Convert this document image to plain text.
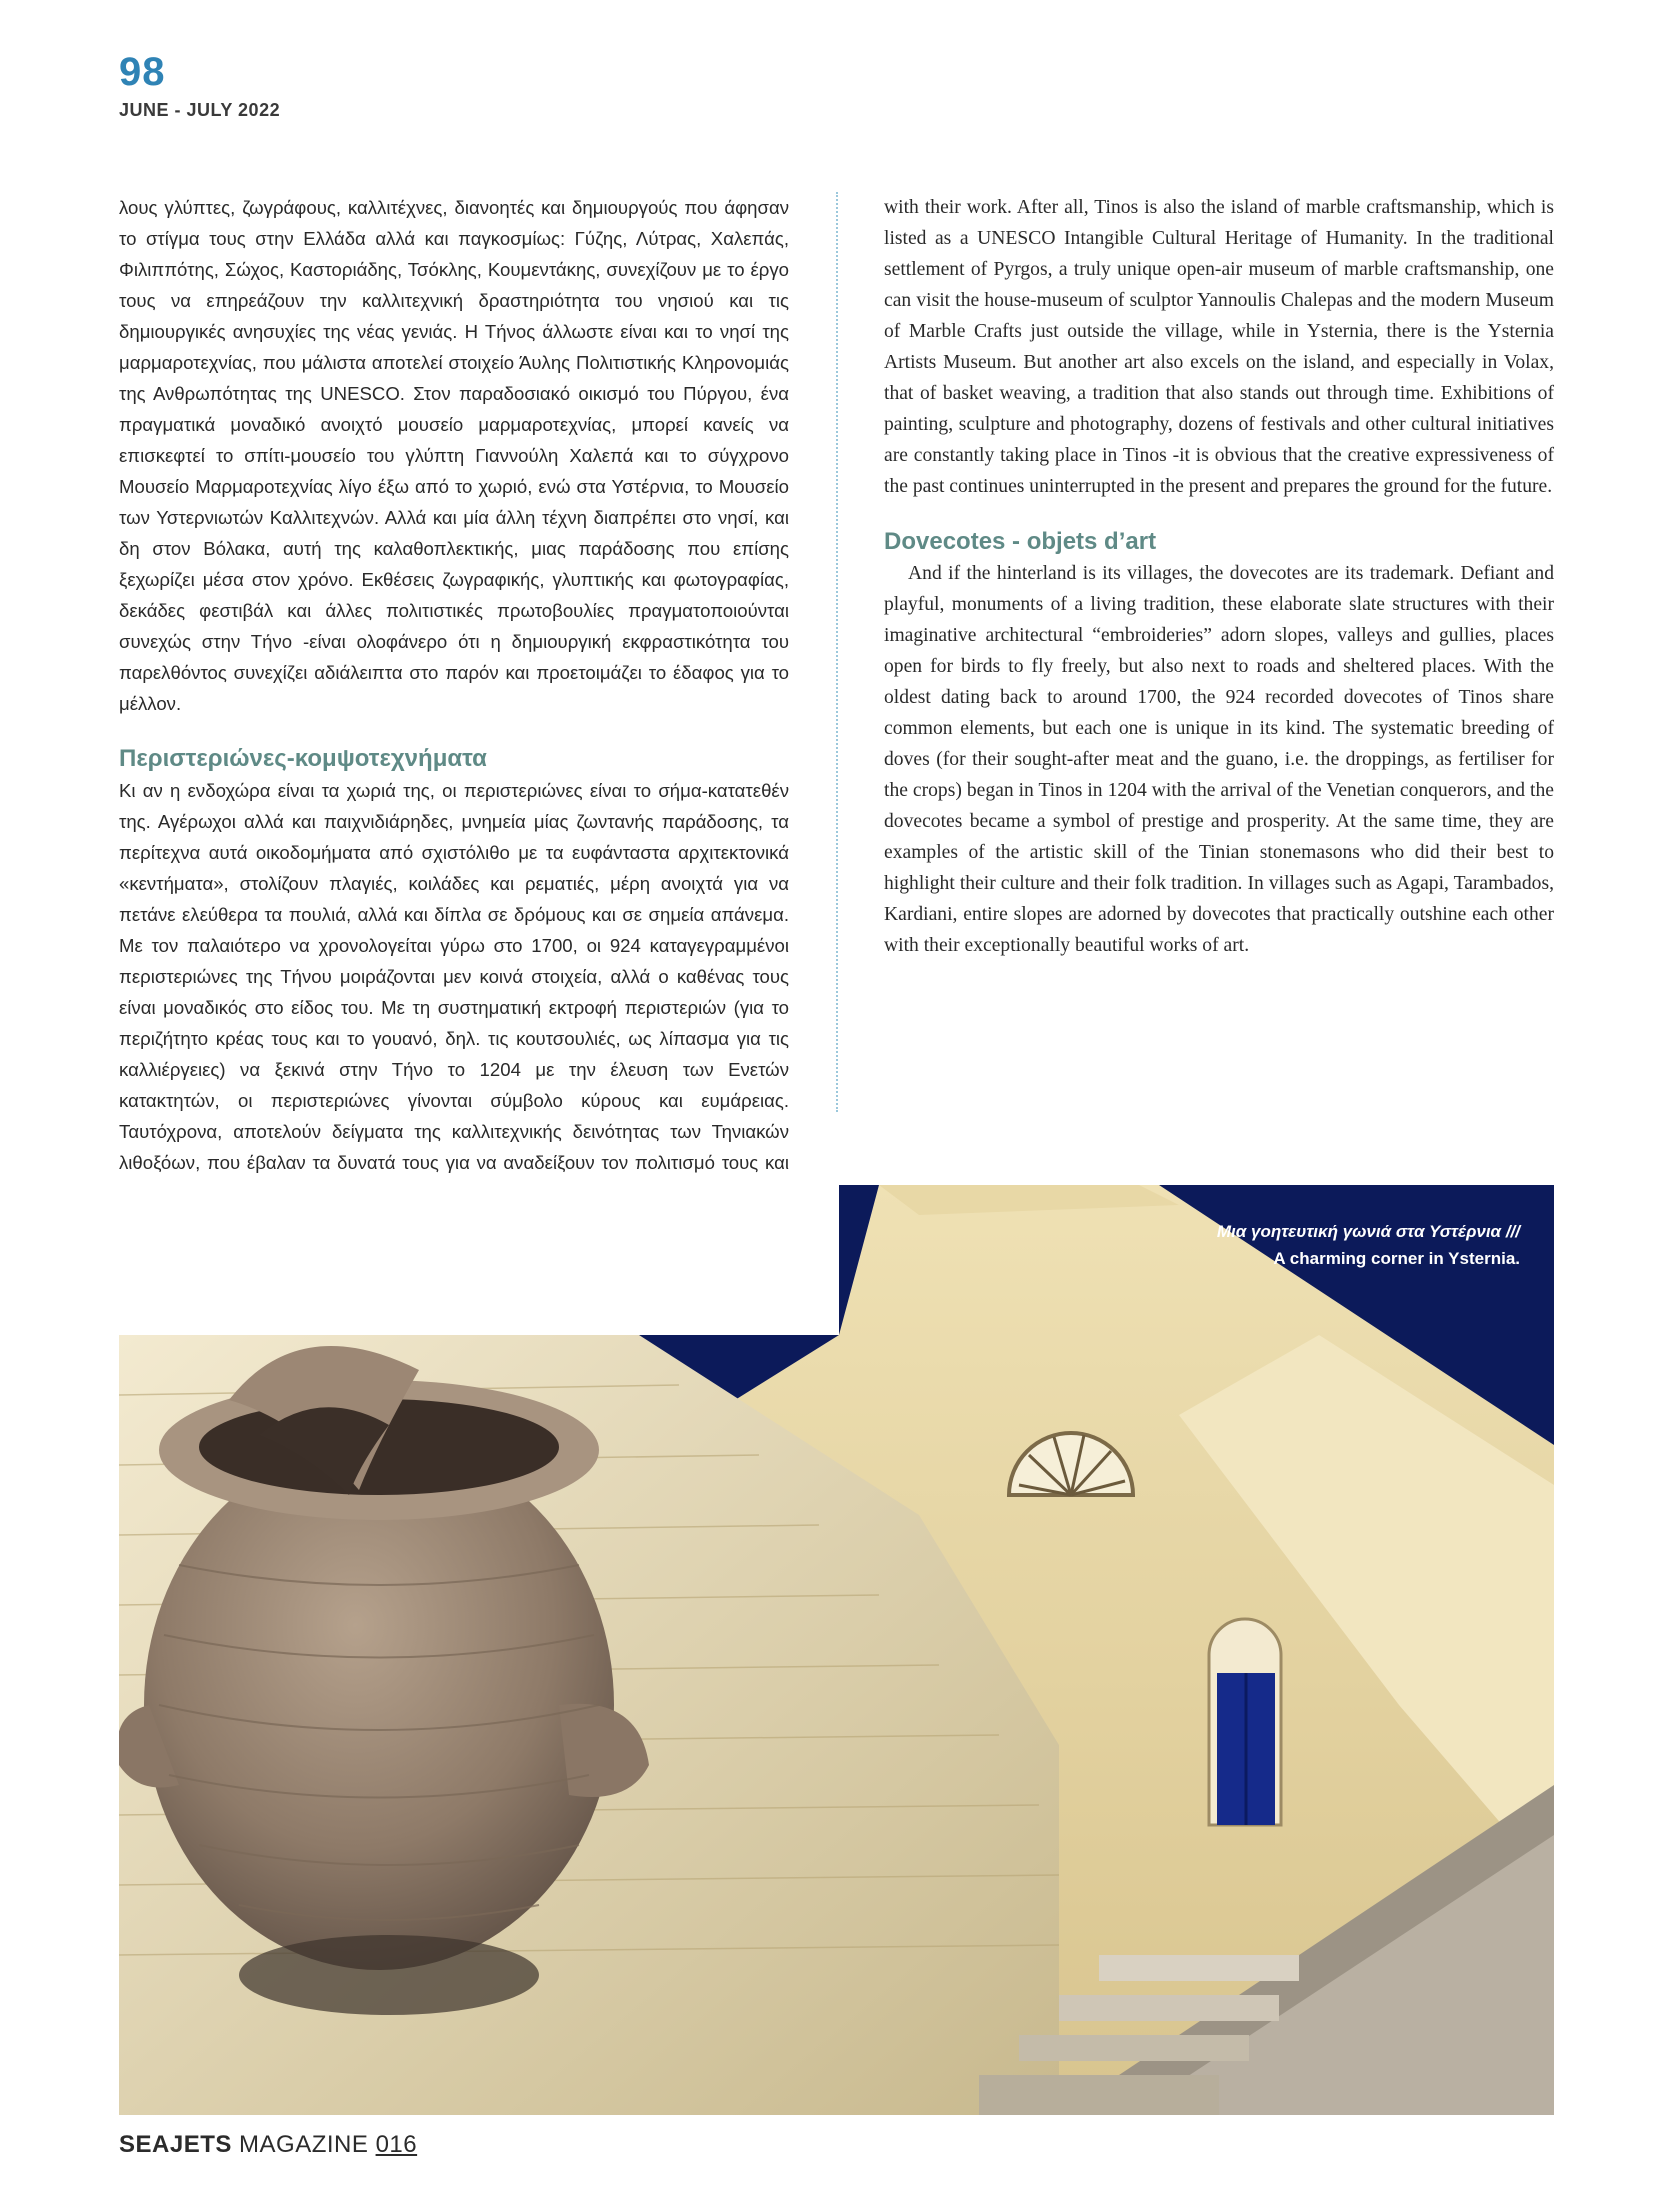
98
JUNE - JULY 2022

λους γλύπτες, ζωγράφους, καλλιτέχνες, διανοητές και δημιουργούς που άφησαν το στίγμα τους στην Ελλάδα αλλά και παγκοσμίως: Γύζης, Λύτρας, Χαλεπάς, Φιλιππότης, Σώχος, Καστοριάδης, Τσόκλης, Κουμεντάκης, συνεχίζουν με το έργο τους να επηρεάζουν την καλλιτεχνική δραστηριότητα του νησιού και τις δημιουργικές ανησυχίες της νέας γενιάς. Η Τήνος άλλωστε είναι και το νησί της μαρμαροτεχνίας, που μάλιστα αποτελεί στοιχείο Άυλης Πολιτιστικής Κληρονομιάς της Ανθρωπότητας της UNESCO. Στον παραδοσιακό οικισμό του Πύργου, ένα πραγματικά μοναδικό ανοιχτό μουσείο μαρμαροτεχνίας, μπορεί κανείς να επισκεφτεί το σπίτι-μουσείο του γλύπτη Γιαννούλη Χαλεπά και το σύγχρονο Μουσείο Μαρμαροτεχνίας λίγο έξω από το χωριό, ενώ στα Υστέρνια, το Μουσείο των Υστερνιωτών Καλλιτεχνών. Αλλά και μία άλλη τέχνη διαπρέπει στο νησί, και δη στον Βόλακα, αυτή της καλαθοπλεκτικής, μιας παράδοσης που επίσης ξεχωρίζει μέσα στον χρόνο. Εκθέσεις ζωγραφικής, γλυπτικής και φωτογραφίας, δεκάδες φεστιβάλ και άλλες πολιτιστικές πρωτοβουλίες πραγματοποιούνται συνεχώς στην Τήνο -είναι ολοφάνερο ότι η δημιουργική εκφραστικότητα του παρελθόντος συνεχίζει αδιάλειπτα στο παρόν και προετοιμάζει το έδαφος για το μέλλον.

Περιστεριώνες-κομψοτεχνήματα

Κι αν η ενδοχώρα είναι τα χωριά της, οι περιστεριώνες είναι το σήμα-κατατεθέν της. Αγέρωχοι αλλά και παιχνιδιάρηδες, μνημεία μίας ζωντανής παράδοσης, τα περίτεχνα αυτά οικοδομήματα από σχιστόλιθο με τα ευφάνταστα αρχιτεκτονικά «κεντήματα», στολίζουν πλαγιές, κοιλάδες και ρεματιές, μέρη ανοιχτά για να πετάνε ελεύθερα τα πουλιά, αλλά και δίπλα σε δρόμους και σε σημεία απάνεμα. Με τον παλαιότερο να χρονολογείται γύρω στο 1700, οι 924 καταγεγραμμένοι περιστεριώνες της Τήνου μοιράζονται μεν κοινά στοιχεία, αλλά ο καθένας τους είναι μοναδικός στο είδος του. Με τη συστηματική εκτροφή περιστεριών (για το περιζήτητο κρέας τους και το γουανό, δηλ. τις κουτσουλιές, ως λίπασμα για τις καλλιέργειες) να ξεκινά στην Τήνο το 1204 με την έλευση των Ενετών κατακτητών, οι περιστεριώνες γίνονται σύμβολο κύρους και ευμάρειας. Ταυτόχρονα, αποτελούν δείγματα της καλλιτεχνικής δεινότητας των Τηνιακών λιθοξόων, που έβαλαν τα δυνατά τους για να αναδείξουν τον πολιτισμό τους και

with their work. After all, Tinos is also the island of marble craftsmanship, which is listed as a UNESCO Intangible Cultural Heritage of Humanity. In the traditional settlement of Pyrgos, a truly unique open-air museum of marble craftsmanship, one can visit the house-museum of sculptor Yannoulis Chalepas and the modern Museum of Marble Crafts just outside the village, while in Ysternia, there is the Ysternia Artists Museum. But another art also excels on the island, and especially in Volax, that of basket weaving, a tradition that also stands out through time. Exhibitions of painting, sculpture and photography, dozens of festivals and other cultural initiatives are constantly taking place in Tinos -it is obvious that the creative expressiveness of the past continues uninterrupted in the present and prepares the ground for the future.

Dovecotes - objets d’art

And if the hinterland is its villages, the dovecotes are its trademark. Defiant and playful, monuments of a living tradition, these elaborate slate structures with their imaginative architectural “embroideries” adorn slopes, valleys and gullies, places open for birds to fly freely, but also next to roads and sheltered places. With the oldest dating back to around 1700, the 924 recorded dovecotes of Tinos share common elements, but each one is unique in its kind. The systematic breeding of doves (for their sought-after meat and the guano, i.e. the droppings, as fertiliser for the crops) began in Tinos in 1204 with the arrival of the Venetian conquerors, and the dovecotes became a symbol of prestige and prosperity. At the same time, they are examples of the artistic skill of the Tinian stonemasons who did their best to highlight their culture and their folk tradition. In villages such as Agapi, Tarambados, Kardiani, entire slopes are adorned by dovecotes that practically outshine each other with their exceptionally beautiful works of art.

Μια γοητευτική γωνιά στα Υστέρνια ///
A charming corner in Ysternia.
SEAJETS MAGAZINE 016
